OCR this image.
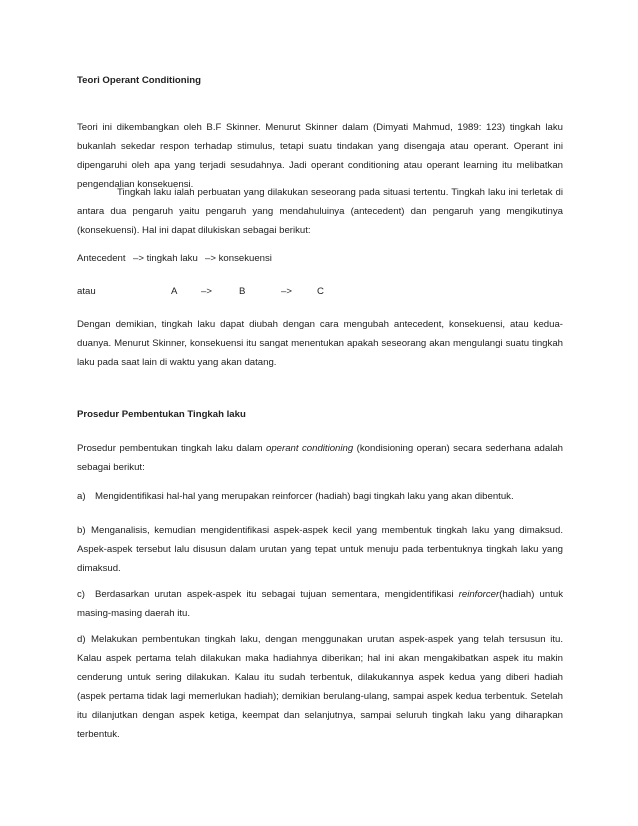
Teori Operant Conditioning

Teori ini dikembangkan oleh B.F Skinner. Menurut Skinner dalam (Dimyati Mahmud, 1989: 123) tingkah laku bukanlah sekedar respon terhadap stimulus, tetapi suatu tindakan yang disengaja atau operant. Operant ini dipengaruhi oleh apa yang terjadi sesudahnya. Jadi operant conditioning atau operant learning itu melibatkan pengendalian konsekuensi.

Tingkah laku ialah perbuatan yang dilakukan seseorang pada situasi tertentu. Tingkah laku ini terletak di antara dua pengaruh yaitu pengaruh yang mendahuluinya (antecedent) dan pengaruh yang mengikutinya (konsekuensi). Hal ini dapat dilukiskan sebagai berikut:

Antecedent –> tingkah laku –> konsekuensi
atau	A –>	B	–>	C

Dengan demikian, tingkah laku dapat diubah dengan cara mengubah antecedent, konsekuensi, atau kedua-duanya. Menurut Skinner, konsekuensi itu sangat menentukan apakah seseorang akan mengulangi suatu tingkah laku pada saat lain di waktu yang akan datang.

Prosedur Pembentukan Tingkah laku

Prosedur pembentukan tingkah laku dalam operant conditioning (kondisioning operan) secara sederhana adalah sebagai berikut:

a) Mengidentifikasi hal-hal yang merupakan reinforcer (hadiah) bagi tingkah laku yang akan dibentuk.

b) Menganalisis, kemudian mengidentifikasi aspek-aspek kecil yang membentuk tingkah laku yang dimaksud. Aspek-aspek tersebut lalu disusun dalam urutan yang tepat untuk menuju pada terbentuknya tingkah laku yang dimaksud.

c) Berdasarkan urutan aspek-aspek itu sebagai tujuan sementara, mengidentifikasi reinforcer(hadiah) untuk masing-masing daerah itu.

d) Melakukan pembentukan tingkah laku, dengan menggunakan urutan aspek-aspek yang telah tersusun itu. Kalau aspek pertama telah dilakukan maka hadiahnya diberikan; hal ini akan mengakibatkan aspek itu makin cenderung untuk sering dilakukan. Kalau itu sudah terbentuk, dilakukannya aspek kedua yang diberi hadiah (aspek pertama tidak lagi memerlukan hadiah); demikian berulang-ulang, sampai aspek kedua terbentuk. Setelah itu dilanjutkan dengan aspek ketiga, keempat dan selanjutnya, sampai seluruh tingkah laku yang diharapkan terbentuk.
